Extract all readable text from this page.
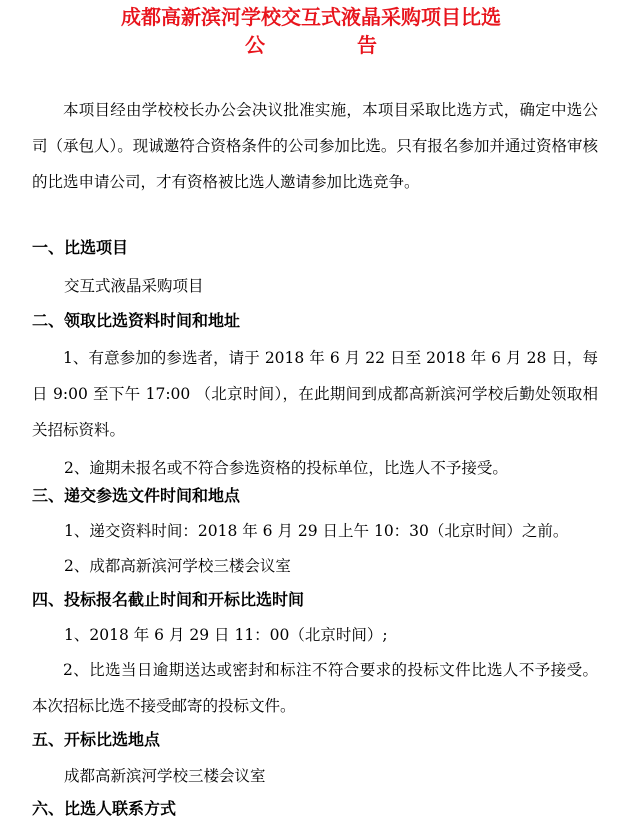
成都高新滨河学校交互式液晶采购项目比选
公	告
本项目经由学校校长办公会决议批准实施，本项目采取比选方式，确定中选公司（承包人）。现诚邀符合资格条件的公司参加比选。只有报名参加并通过资格审核的比选申请公司，才有资格被比选人邀请参加比选竞争。
一、比选项目
交互式液晶采购项目
二、领取比选资料时间和地址
1、有意参加的参选者，请于 2018 年 6 月 22 日至 2018 年 6 月 28 日，每日 9:00 至下午 17:00 （北京时间），在此期间到成都高新滨河学校后勤处领取相关招标资料。
2、逾期未报名或不符合参选资格的投标单位，比选人不予接受。
三、递交参选文件时间和地点
1、递交资料时间：2018 年 6 月 29 日上午 10：30（北京时间）之前。
2、成都高新滨河学校三楼会议室
四、投标报名截止时间和开标比选时间
1、2018 年 6 月 29 日 11：00（北京时间）;
2、比选当日逾期送达或密封和标注不符合要求的投标文件比选人不予接受。本次招标比选不接受邮寄的投标文件。
五、开标比选地点
成都高新滨河学校三楼会议室
六、比选人联系方式
